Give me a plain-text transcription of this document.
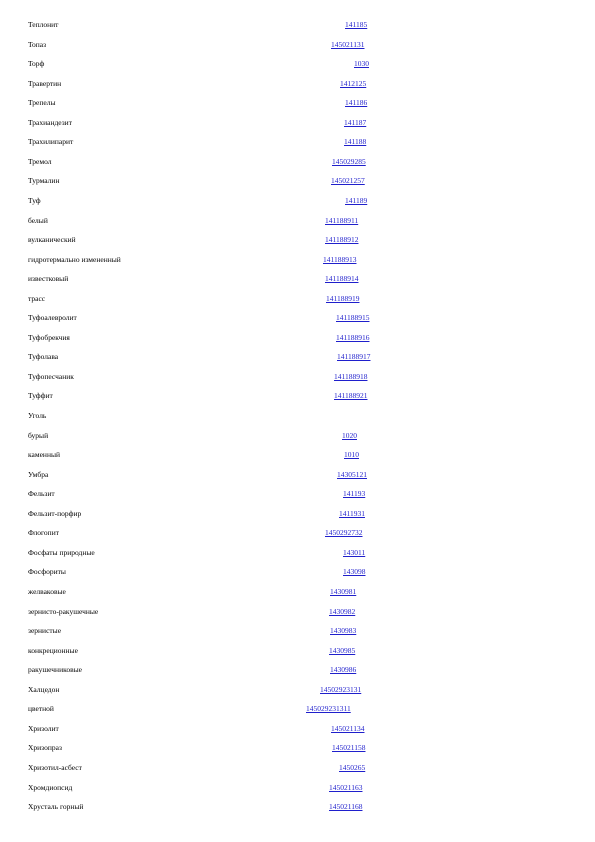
Теплонит	141185
Топаз	145021131
Торф	1030
Травертин	1412125
Трепелы	141186
Трахиандезит	141187
Трахилипарит	141188
Тремол	145029285
Турмалин	145021257
Туф	141189
белый	141188911
вулканический	141188912
гидротермально измененный	141188913
известковый	141188914
трасс	141188919
Туфоалевролит	141188915
Туфобрекчия	141188916
Туфолава	141188917
Туфопесчаник	141188918
Туффит	141188921
Уголь
бурый	1020
каменный	1010
Умбра	14305121
Фельзит	141193
Фельзит-порфир	1411931
Флогопит	1450292732
Фосфаты природные	143011
Фосфориты	143098
желваковые	1430981
зернисто-ракушечные	1430982
зернистые	1430983
конкреционные	1430985
ракушечниковые	1430986
Халцедон	14502923131
цветной	145029231311
Хризолит	145021134
Хризопраз	145021158
Хризотил-асбест	1450265
Хромдиопсид	145021163
Хрусталь горный	145021168
